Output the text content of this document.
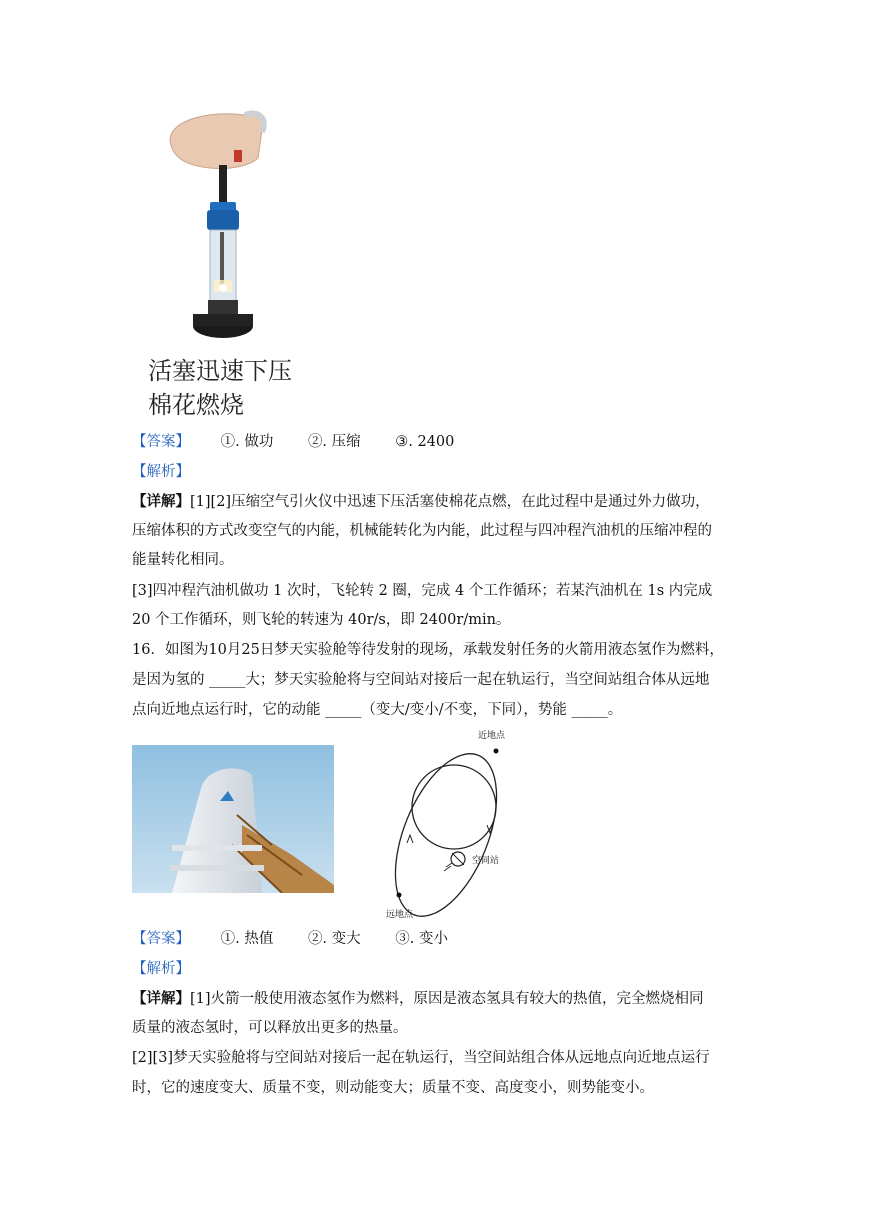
活塞迅速下压
棉花燃烧
【答案】 ①. 做功 ②. 压缩 ③. 2400
【解析】
【详解】[1][2]压缩空气引火仪中迅速下压活塞使棉花点燃，在此过程中是通过外力做功，
压缩体积的方式改变空气的内能，机械能转化为内能，此过程与四冲程汽油机的压缩冲程的
能量转化相同。
[3]四冲程汽油机做功 1 次时，飞轮转 2 圈，完成 4 个工作循环；若某汽油机在 1s 内完成
20 个工作循环，则飞轮的转速为 40r/s，即 2400r/min。
16．如图为10月25日梦天实验舱等待发射的现场，承载发射任务的火箭用液态氢作为燃料，
是因为氢的 _____大；梦天实验舱将与空间站对接后一起在轨运行，当空间站组合体从远地
点向近地点运行时，它的动能 _____（变大/变小/不变，下同），势能 _____。
近地点
空间站
远地点
【答案】 ①. 热值 ②. 变大 ③. 变小
【解析】
【详解】[1]火箭一般使用液态氢作为燃料，原因是液态氢具有较大的热值，完全燃烧相同
质量的液态氢时，可以释放出更多的热量。
[2][3]梦天实验舱将与空间站对接后一起在轨运行，当空间站组合体从远地点向近地点运行
时，它的速度变大、质量不变，则动能变大；质量不变、高度变小，则势能变小。
